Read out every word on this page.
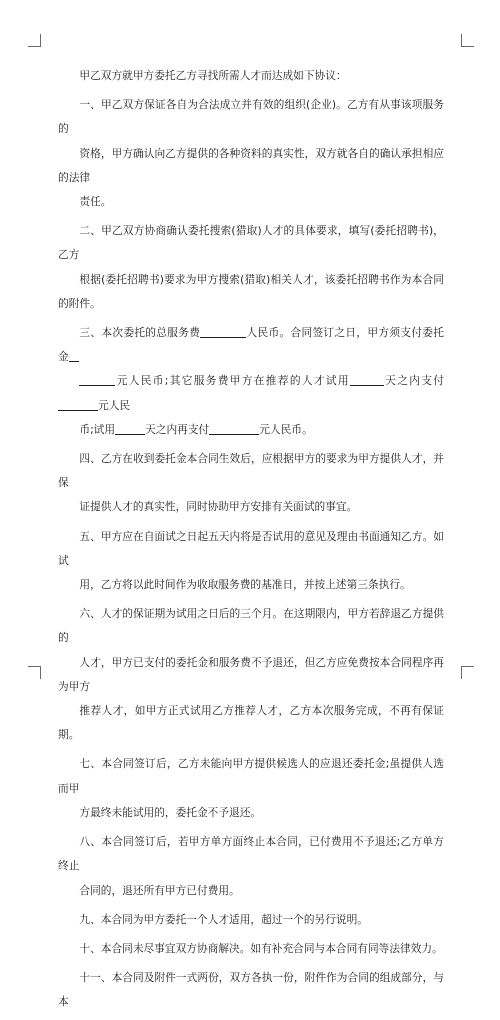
甲乙双方就甲方委托乙方寻找所需人才而达成如下协议：

一、甲乙双方保证各自为合法成立并有效的组织(企业)。乙方有从事该项服务的
资格，甲方确认向乙方提供的各种资料的真实性，双方就各自的确认承担相应的法律
责任。

二、甲乙双方协商确认委托搜索(猎取)人才的具体要求，填写(委托招聘书)，乙方
根据(委托招聘书)要求为甲方搜索(猎取)相关人才，该委托招聘书作为本合同的附件。

三、本次委托的总服务费	人民币。合同签订之日，甲方须支付委托金
元人民币;其它服务费甲方在推荐的人才试用	天之内支付元人民
币;试用	天之内再支付	元人民币。

四、乙方在收到委托金本合同生效后，应根据甲方的要求为甲方提供人才，并保
证提供人才的真实性，同时协助甲方安排有关面试的事宜。

五、甲方应在自面试之日起五天内将是否试用的意见及理由书面通知乙方。如试
用，乙方将以此时间作为收取服务费的基准日，并按上述第三条执行。

六、人才的保证期为试用之日后的三个月。在这期限内，甲方若辞退乙方提供的
人才，甲方已支付的委托金和服务费不予退还，但乙方应免费按本合同程序再为甲方
推荐人才，如甲方正式试用乙方推荐人才，乙方本次服务完成，不再有保证期。

七、本合同签订后，乙方未能向甲方提供候选人的应退还委托金;虽提供人选而甲
方最终未能试用的，委托金不予退还。

八、本合同签订后，若甲方单方面终止本合同，已付费用不予退还;乙方单方终止
合同的，退还所有甲方已付费用。

九、本合同为甲方委托一个人才适用，超过一个的另行说明。

十、本合同未尽事宜双方协商解决。如有补充合同与本合同有同等法律效力。

十一、本合同及附件一式两份，双方各执一份，附件作为合同的组成部分，与本
